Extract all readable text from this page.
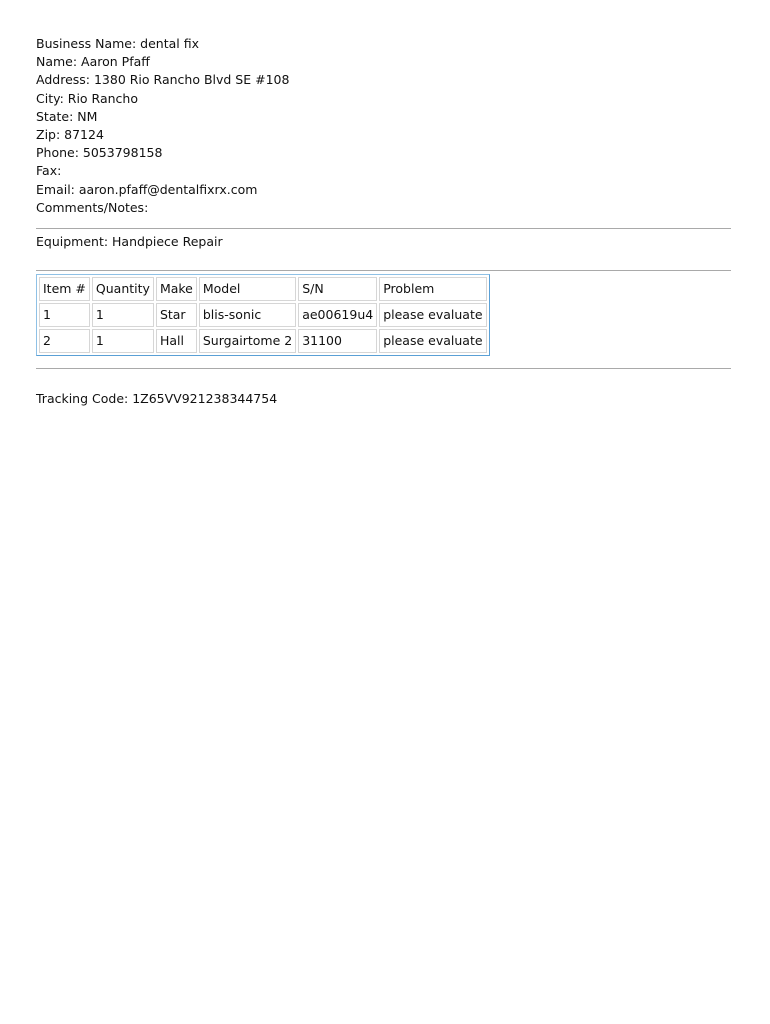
Business Name: dental fix
Name: Aaron Pfaff
Address: 1380 Rio Rancho Blvd SE #108
City: Rio Rancho
State: NM
Zip: 87124
Phone: 5053798158
Fax:
Email: aaron.pfaff@dentalfixrx.com
Comments/Notes:
Equipment: Handpiece Repair
Item #	Quantity	Make	Model	S/N	Problem
1	1	Star	blis-sonic	ae00619u4	please evaluate
2	1	Hall	Surgairtome 2	31100	please evaluate
Tracking Code: 1Z65VV921238344754
